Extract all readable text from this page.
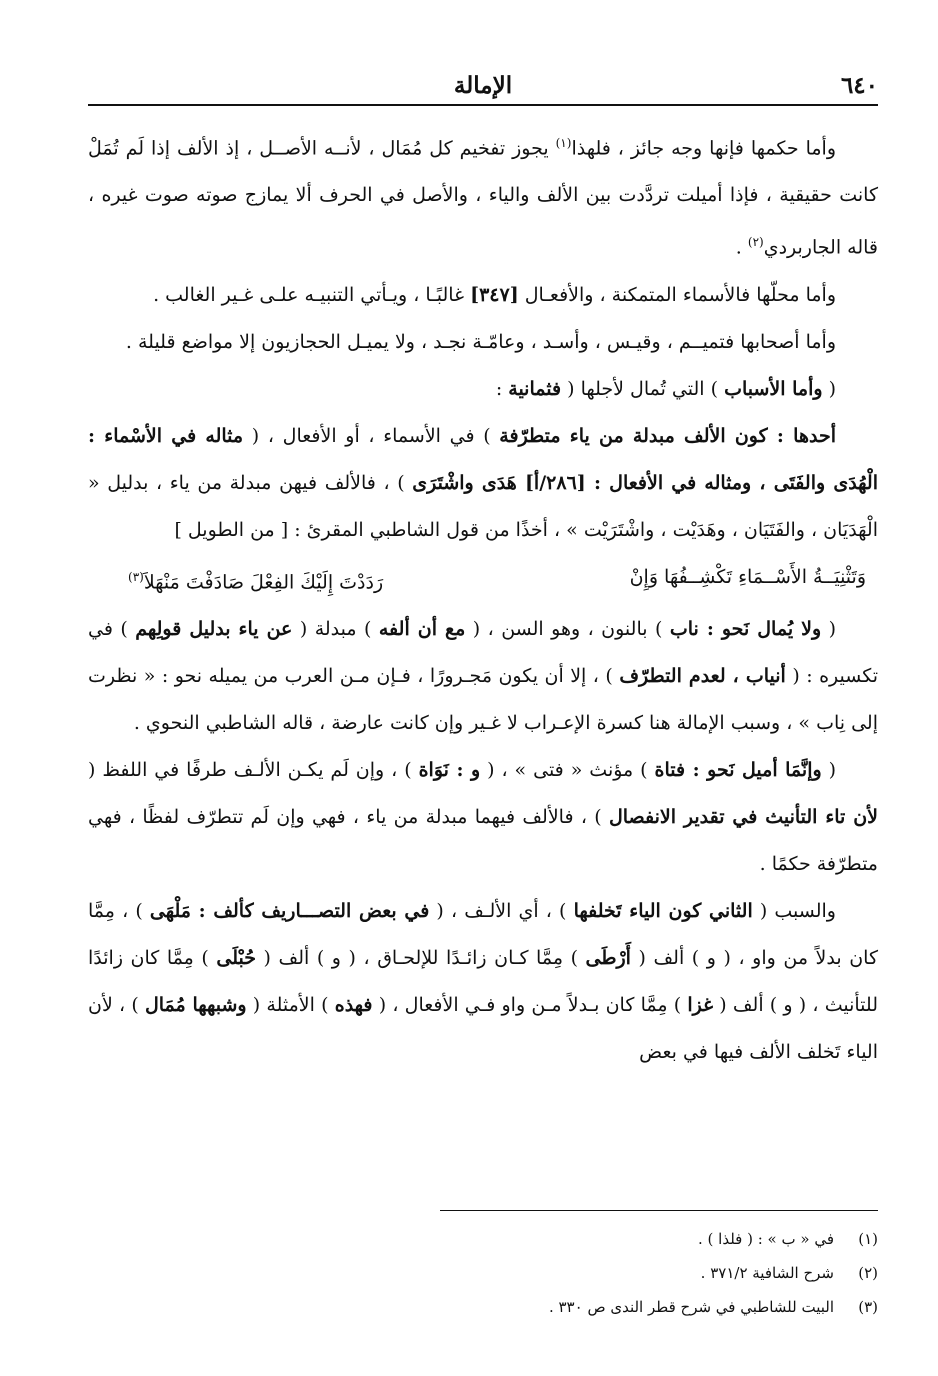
٦٤٠
الإمالة

وأما حكمها فإنها وجه جائز ، فلهذا$^{(١)}$ يجوز تفخيم كل مُمَال ، لأنــه الأصــل ، إذ الألف إذا لَم تُمَلْ كانت حقيقية ، فإذا أميلت تردَّدت بين الألف والياء ، والأصل في الحرف ألا يمازج صوته صوت غيره ، قاله الجاربردي$^{(٢)}$ .

وأما محلّها فالأسماء المتمكنة ، والأفعـال [٣٤٧] غالبًـا ، ويـأتي التنبيـه علـى غـير الغالب .

وأما أصحابها فتميــم ، وقيـس ، وأسـد ، وعامّـة نجـد ، ولا يميـل الحجازيون إلا مواضع قليلة .

( وأما الأسباب ) التي تُمال لأجلها ( فثمانية :

أحدها : كون الألف مبدلة من ياء متطرّفة ) في الأسماء ، أو الأفعال ، ( مثاله في الأسْماء : الْهُدَى والفَتَى ، ومثاله في الأفعال : [٢٨٦/أ] هَدَى واشْتَرَى ) ، فالألف فيهن مبدلة من ياء ، بدليل « الْهَدَيَان ، والفَتَيَان ، وهَدَيْت ، واشْتَرَيْت » ، أخذًا من قول الشاطبي المقرئ : [ من الطويل ]

وَتَثْنِيَــةُ الأَسْــمَاءِ تَكْشِــفُهَا وَإِنْ
رَدَدْتَ إِلَيْكَ الفِعْلَ صَادَفْتَ مَنْهَلاَ$^{(٣)}$

( ولا يُمال نَحو : ناب ) بالنون ، وهو السن ، ( مع أن ألفه ) مبدلة ( عن ياء بدليل قولِهم ) في تكسيره : ( أنياب ، لعدم التطرّف ) ، إلا أن يكون مَجـرورًا ، فـإن مـن العرب من يميله نحو : « نظرت إلى نِاب » ، وسبب الإمالة هنا كسرة الإعـراب لا غـير وإن كانت عارضة ، قاله الشاطبي النحوي .

( وإنَّمَا أميل نَحو : فتاة ) مؤنث « فتى » ، ( و : نَوَاة ) ، وإن لَم يكـن الألـف طرفًا في اللفظ ( لأن تاء التأنيث في تقدير الانفصال ) ، فالألف فيهما مبدلة من ياء ، فهي وإن لَم تتطرّف لفظًا ، فهي متطرّفة حكمًا .

والسبب ( الثاني كون الياء تَخلفها ) ، أي الألـف ، ( في بعض التصـــاريف كألف : مَلْهَى ) ، مِمَّا كان بدلاً من واو ، ( و ) ألف ( أَرْطَى ) مِمَّا كـان زائـدًا للإلحـاق ، ( و ) ألف ( حُبْلَى ) مِمَّا كان زائدًا للتأنيث ، ( و ) ألف ( غزا ) مِمَّا كان بـدلاً مـن واو فـي الأفعال ، ( فهذه ) الأمثلة ( وشبهها مُمَال ) ، لأن الياء تَخلف الألف فيها في بعض

(١)في « ب » : ( فلذا ) .
(٢)شرح الشافية ٣٧١/٢ .
(٣)البيت للشاطبي في شرح قطر الندى ص ٣٣٠ .
